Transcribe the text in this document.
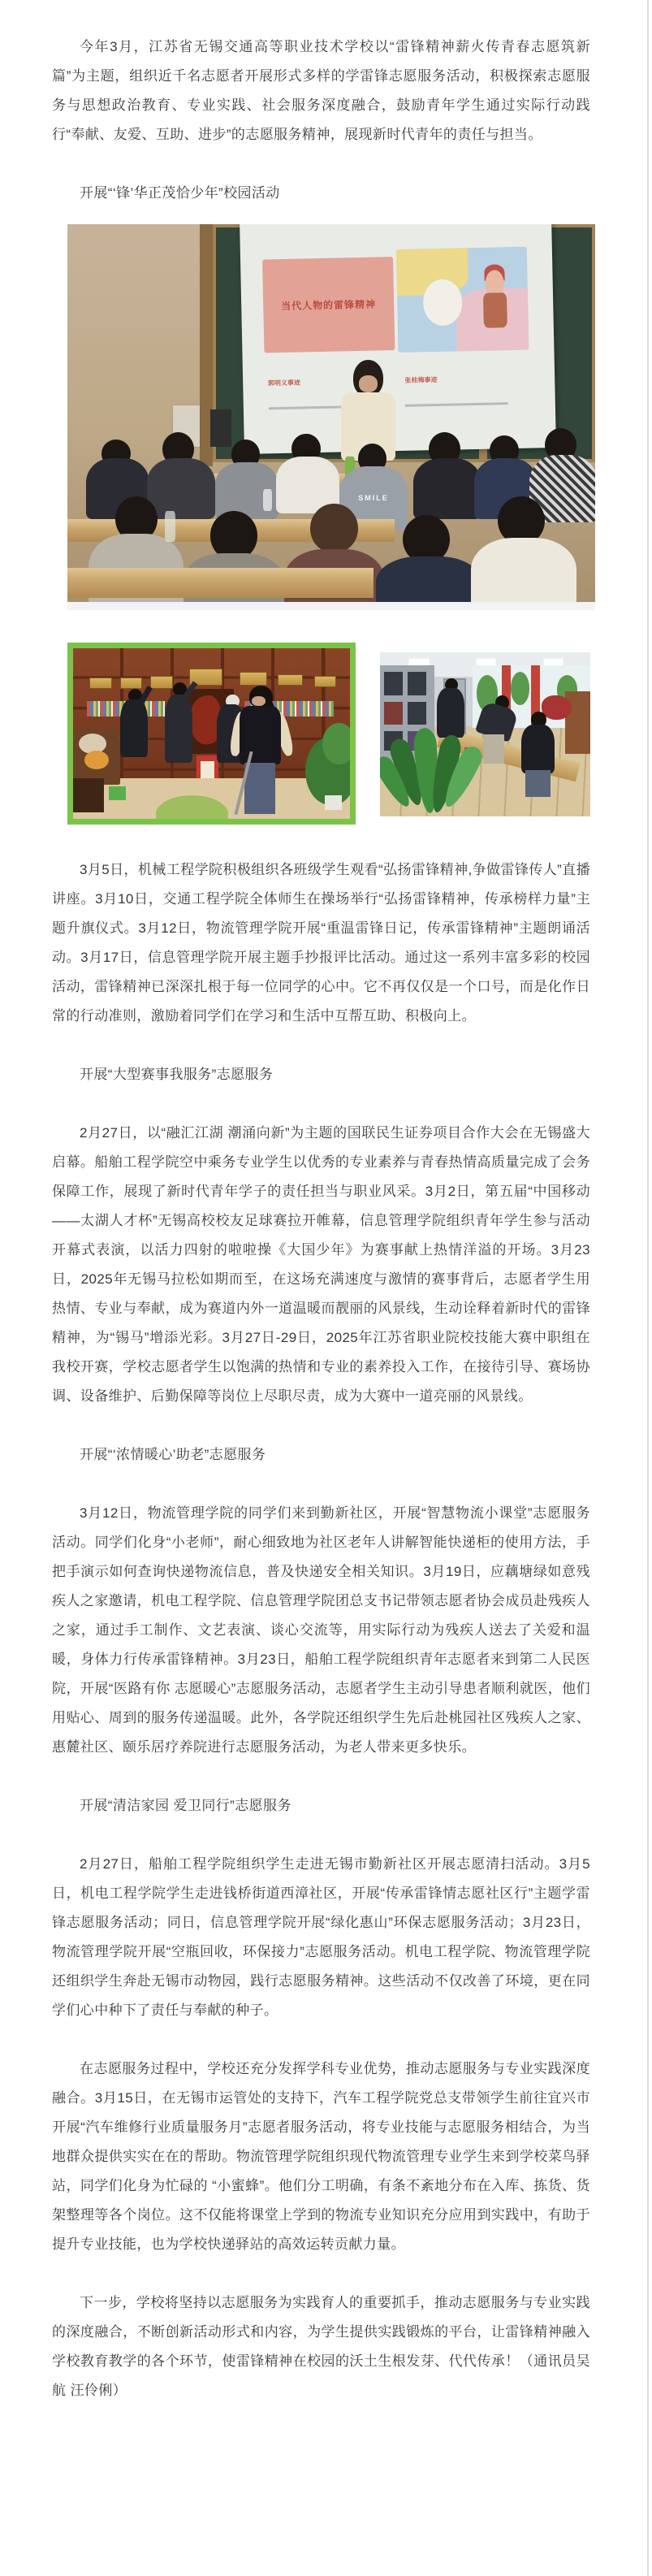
今年3月，江苏省无锡交通高等职业技术学校以“雷锋精神薪火传青春志愿筑新篇”为主题，组织近千名志愿者开展形式多样的学雷锋志愿服务活动，积极探索志愿服务与思想政治教育、专业实践、社会服务深度融合，鼓励青年学生通过实际行动践行“奉献、友爱、互助、进步”的志愿服务精神，展现新时代青年的责任与担当。

开展“‘锋’华正茂恰少年”校园活动

当代人物的雷锋精神
郭明义事迹	张桂梅事迹
SMILE

3月5日，机械工程学院积极组织各班级学生观看“弘扬雷锋精神,争做雷锋传人”直播讲座。3月10日，交通工程学院全体师生在操场举行“弘扬雷锋精神，传承榜样力量”主题升旗仪式。3月12日，物流管理学院开展“重温雷锋日记，传承雷锋精神”主题朗诵活动。3月17日，信息管理学院开展主题手抄报评比活动。通过这一系列丰富多彩的校园活动，雷锋精神已深深扎根于每一位同学的心中。它不再仅仅是一个口号，而是化作日常的行动准则，激励着同学们在学习和生活中互帮互助、积极向上。

开展“大型赛事我服务”志愿服务

2月27日，以“融汇江湖 潮涌向新”为主题的国联民生证券项目合作大会在无锡盛大启幕。船舶工程学院空中乘务专业学生以优秀的专业素养与青春热情高质量完成了会务保障工作，展现了新时代青年学子的责任担当与职业风采。3月2日，第五届“中国移动——太湖人才杯”无锡高校校友足球赛拉开帷幕，信息管理学院组织青年学生参与活动开幕式表演，以活力四射的啦啦操《大国少年》为赛事献上热情洋溢的开场。3月23日，2025年无锡马拉松如期而至，在这场充满速度与激情的赛事背后，志愿者学生用热情、专业与奉献，成为赛道内外一道温暖而靓丽的风景线，生动诠释着新时代的雷锋精神，为“锡马”增添光彩。3月27日-29日，2025年江苏省职业院校技能大赛中职组在我校开赛，学校志愿者学生以饱满的热情和专业的素养投入工作，在接待引导、赛场协调、设备维护、后勤保障等岗位上尽职尽责，成为大赛中一道亮丽的风景线。

开展“‘浓情暖心’助老”志愿服务

3月12日，物流管理学院的同学们来到勤新社区，开展“智慧物流小课堂”志愿服务活动。同学们化身“小老师”，耐心细致地为社区老年人讲解智能快递柜的使用方法，手把手演示如何查询快递物流信息，普及快递安全相关知识。3月19日，应藕塘绿如意残疾人之家邀请，机电工程学院、信息管理学院团总支书记带领志愿者协会成员赴残疾人之家，通过手工制作、文艺表演、谈心交流等，用实际行动为残疾人送去了关爱和温暖，身体力行传承雷锋精神。3月23日，船舶工程学院组织青年志愿者来到第二人民医院，开展“医路有你 志愿暖心”志愿服务活动，志愿者学生主动引导患者顺利就医，他们用贴心、周到的服务传递温暖。此外，各学院还组织学生先后赴桃园社区残疾人之家、惠麓社区、颐乐居疗养院进行志愿服务活动，为老人带来更多快乐。

开展“清洁家园 爱卫同行”志愿服务

2月27日，船舶工程学院组织学生走进无锡市勤新社区开展志愿清扫活动。3月5日，机电工程学院学生走进钱桥街道西漳社区，开展“传承雷锋情志愿社区行”主题学雷锋志愿服务活动；同日，信息管理学院开展“绿化惠山”环保志愿服务活动；3月23日，物流管理学院开展“空瓶回收，环保接力”志愿服务活动。机电工程学院、物流管理学院还组织学生奔赴无锡市动物园，践行志愿服务精神。这些活动不仅改善了环境，更在同学们心中种下了责任与奉献的种子。

在志愿服务过程中，学校还充分发挥学科专业优势，推动志愿服务与专业实践深度融合。3月15日，在无锡市运管处的支持下，汽车工程学院党总支带领学生前往宜兴市开展“汽车维修行业质量服务月”志愿者服务活动，将专业技能与志愿服务相结合，为当地群众提供实实在在的帮助。物流管理学院组织现代物流管理专业学生来到学校菜鸟驿站，同学们化身为忙碌的 “小蜜蜂”。他们分工明确，有条不紊地分布在入库、拣货、货架整理等各个岗位。这不仅能将课堂上学到的物流专业知识充分应用到实践中，有助于提升专业技能，也为学校快递驿站的高效运转贡献力量。

下一步，学校将坚持以志愿服务为实践育人的重要抓手，推动志愿服务与专业实践的深度融合，不断创新活动形式和内容，为学生提供实践锻炼的平台，让雷锋精神融入学校教育教学的各个环节，使雷锋精神在校园的沃土生根发芽、代代传承！（通讯员吴航 汪伶俐）
